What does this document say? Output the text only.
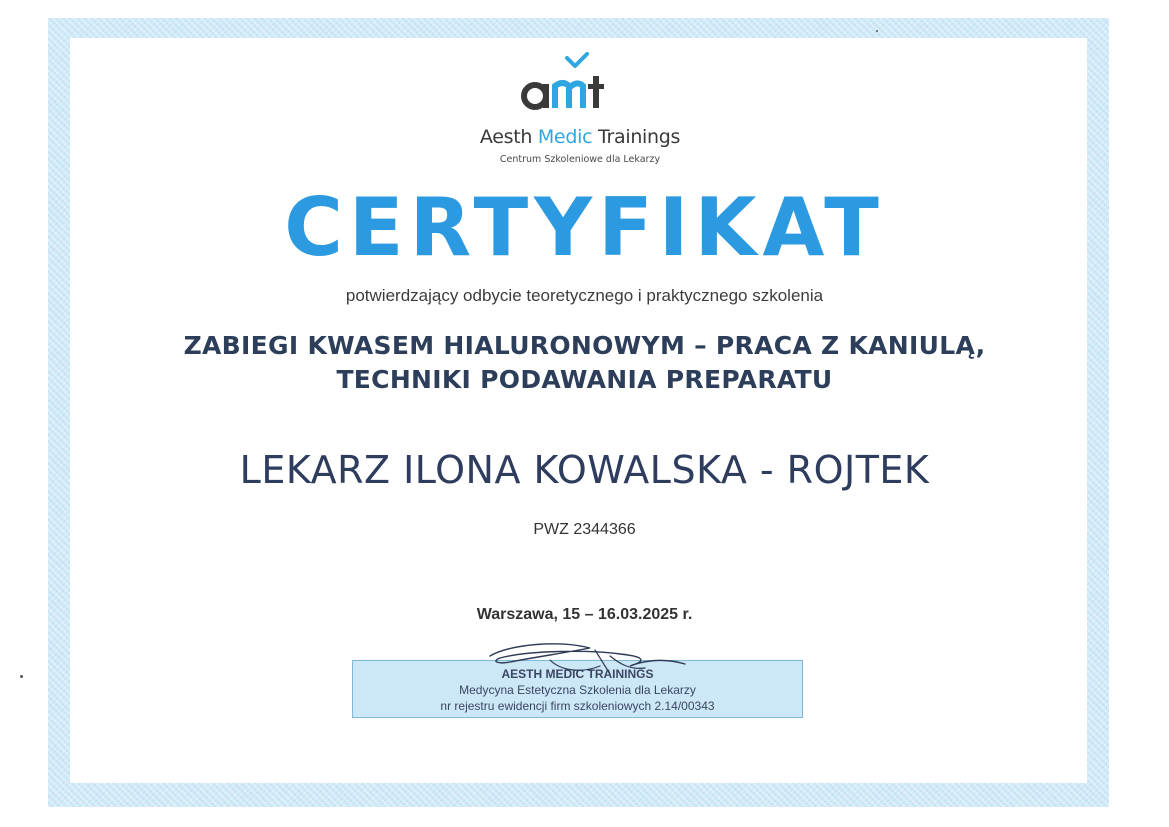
Aesth Medic Trainings
Centrum Szkoleniowe dla Lekarzy
CERTYFIKAT
potwierdzający odbycie teoretycznego i praktycznego szkolenia
ZABIEGI KWASEM HIALURONOWYM – PRACA Z KANIULĄ,
TECHNIKI PODAWANIA PREPARATU
LEKARZ ILONA KOWALSKA - ROJTEK
PWZ 2344366
Warszawa, 15 – 16.03.2025 r.
AESTH MEDIC TRAININGS
Medycyna Estetyczna Szkolenia dla Lekarzy
nr rejestru ewidencji firm szkoleniowych 2.14/00343
